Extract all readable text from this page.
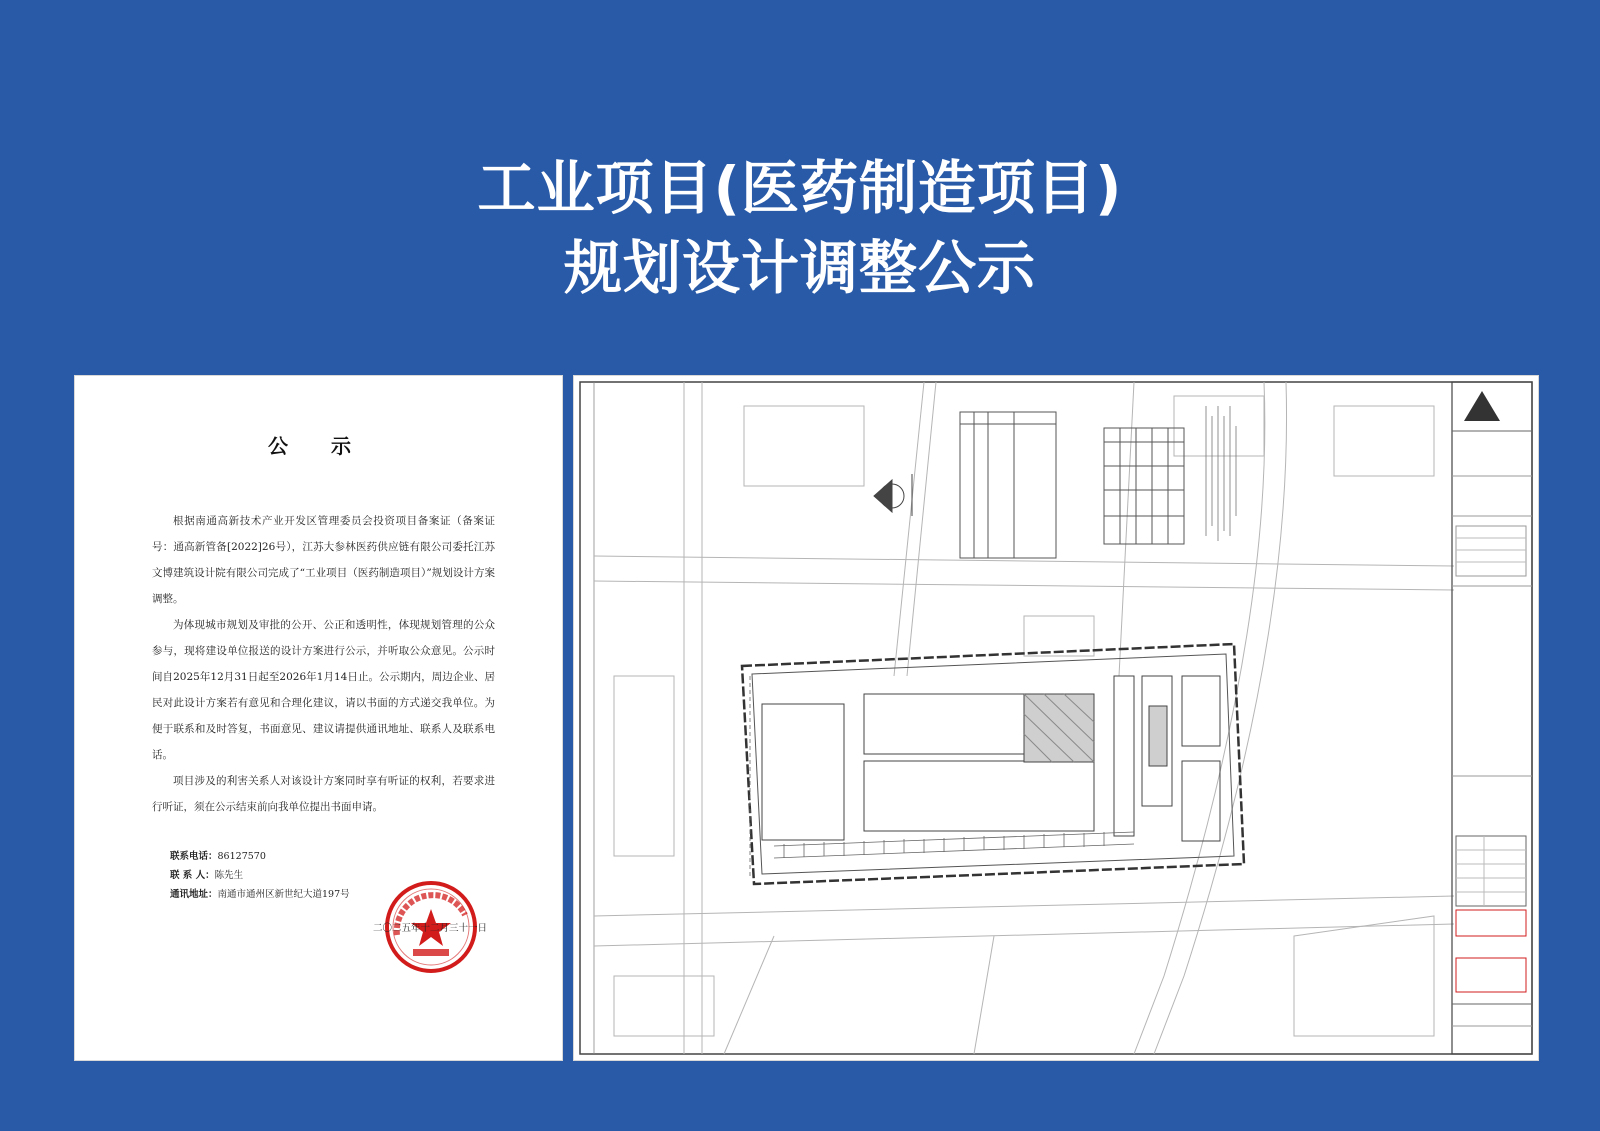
工业项目(医药制造项目)
规划设计调整公示
公 示

根据南通高新技术产业开发区管理委员会投资项目备案证（备案证号：通高新管备[2022]26号），江苏大参林医药供应链有限公司委托江苏文博建筑设计院有限公司完成了“工业项目（医药制造项目）”规划设计方案调整。

为体现城市规划及审批的公开、公正和透明性，体现规划管理的公众参与，现将建设单位报送的设计方案进行公示，并听取公众意见。公示时间自2025年12月31日起至2026年1月14日止。公示期内，周边企业、居民对此设计方案若有意见和合理化建议，请以书面的方式递交我单位。为便于联系和及时答复，书面意见、建议请提供通讯地址、联系人及联系电话。

项目涉及的利害关系人对该设计方案同时享有听证的权利，若要求进行听证，须在公示结束前向我单位提出书面申请。

联系电话：86127570
联 系 人：陈先生
通讯地址：南通市通州区新世纪大道197号
二〇二五年十二月三十一日
